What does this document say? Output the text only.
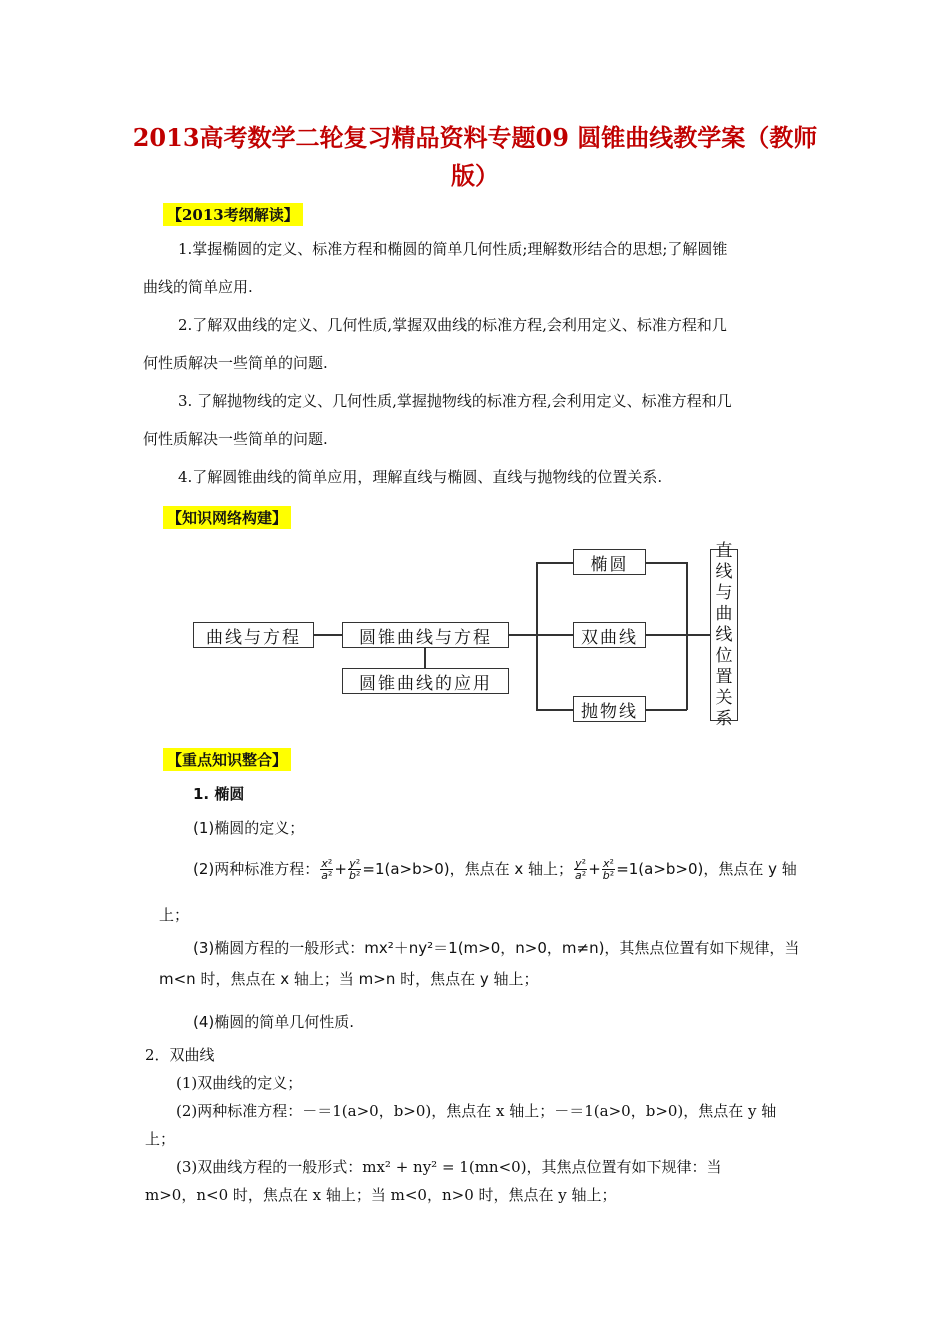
2013高考数学二轮复习精品资料专题09 圆锥曲线教学案（教师
版）
【2013考纲解读】
1.掌握椭圆的定义、标准方程和椭圆的简单几何性质;理解数形结合的思想;了解圆锥
曲线的简单应用.
2.了解双曲线的定义、几何性质,掌握双曲线的标准方程,会利用定义、标准方程和几
何性质解决一些简单的问题.
3. 了解抛物线的定义、几何性质,掌握抛物线的标准方程,会利用定义、标准方程和几
何性质解决一些简单的问题.
4.了解圆锥曲线的简单应用，理解直线与椭圆、直线与抛物线的位置关系.
【知识网络构建】
曲线与方程	圆锥曲线与方程
圆锥曲线的应用
椭圆
双曲线
抛物线
直
线
与
曲
线
位
置
关
系
【重点知识整合】
1. 椭圆
(1)椭圆的定义；
(2)两种标准方程： $\frac{\text{x²}}{\text{a²}} + \frac{\text{y²}}{\text{b²}} =1(a>b>0)$，焦点在 x 轴上； $\frac{\text{y²}}{\text{a²}} + \frac{\text{x²}}{\text{b²}} =1(a>b>0)$，焦点在 y 轴
上；
(3)椭圆方程的一般形式：mx²＋ny²＝1(m>0，n>0，m≠n)，其焦点位置有如下规律，当
m<n 时，焦点在 x 轴上；当 m>n 时，焦点在 y 轴上；
(4)椭圆的简单几何性质.
2．双曲线
(1)双曲线的定义；
(2)两种标准方程：－＝1(a>0，b>0)，焦点在 x 轴上；－＝1(a>0，b>0)，焦点在 y 轴
上；
(3)双曲线方程的一般形式：mx² + ny² = 1(mn<0)，其焦点位置有如下规律：当
m>0，n<0 时，焦点在 x 轴上；当 m<0，n>0 时，焦点在 y 轴上；
